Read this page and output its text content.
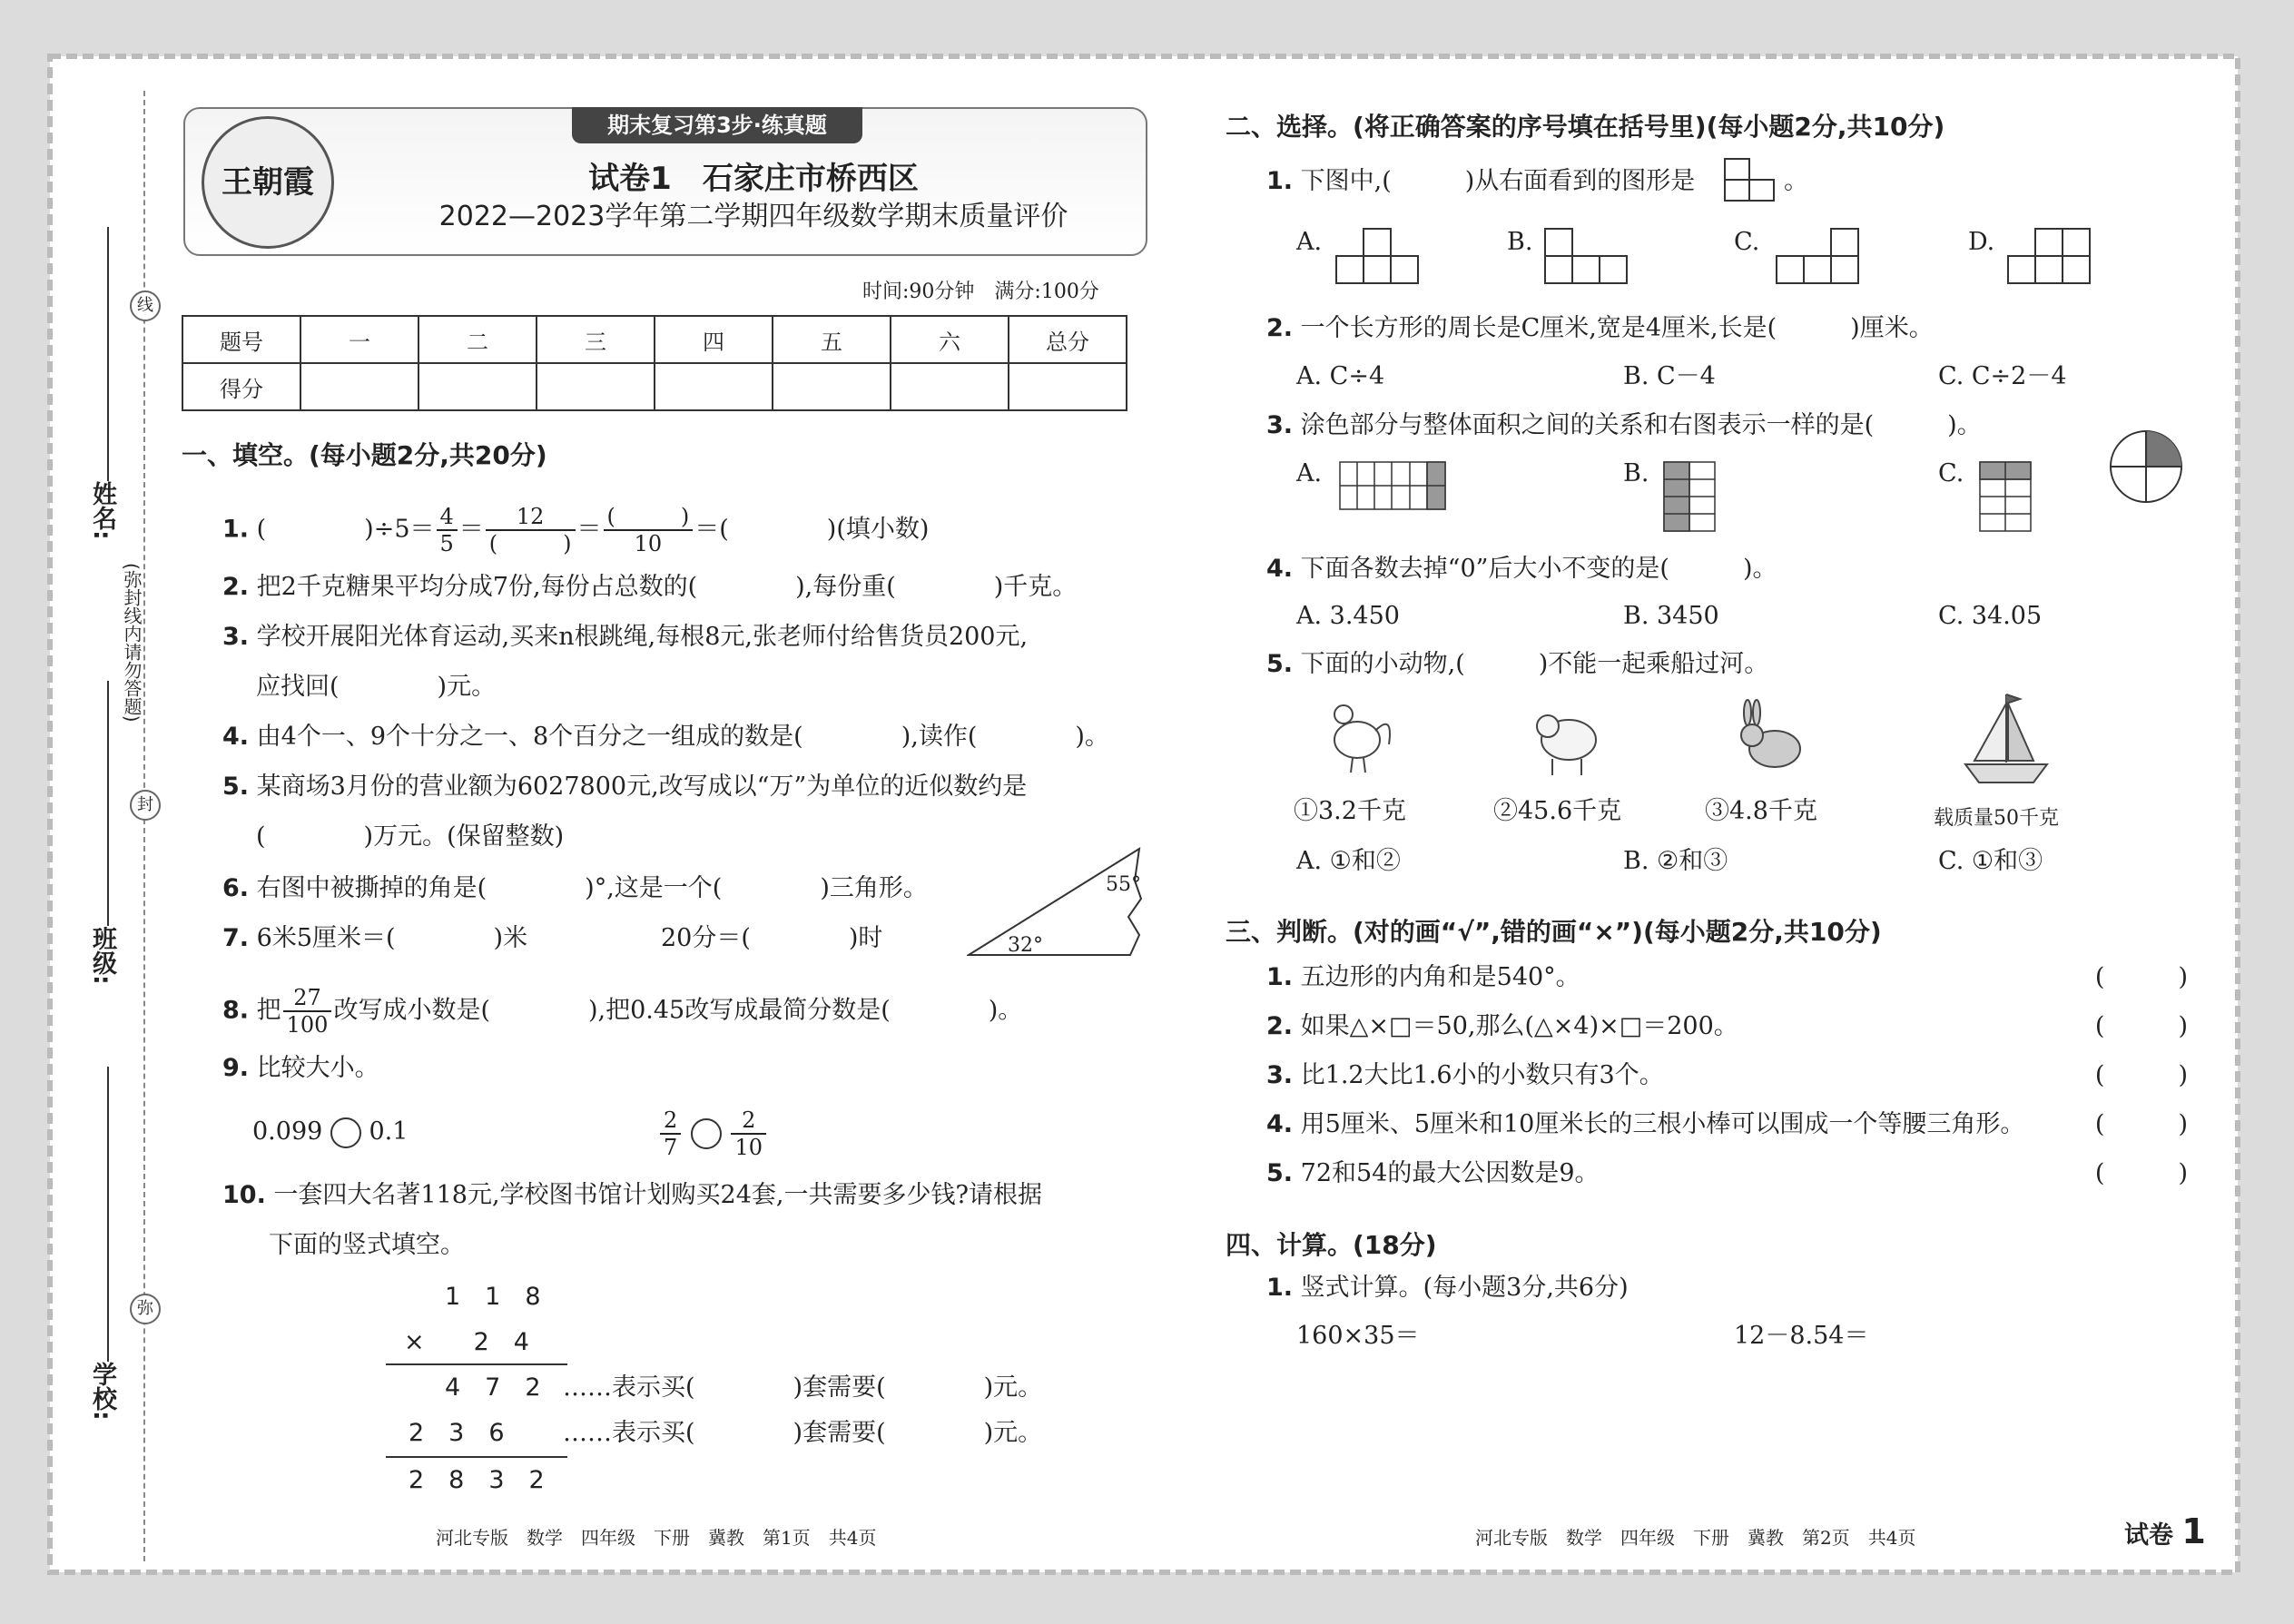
线
封
弥
(弥封线内请勿答题)
姓名:
班级:
学校:
期末复习第3步·练真题
王朝霞	试卷1　石家庄市桥西区
2022—2023学年第二学期四年级数学期末质量评价
时间:90分钟　满分:100分
题号	一	二	三	四	五	六	总分
得分							
一、填空。(每小题2分,共20分)
1. (　　　　)$\div 5= \frac{4}{5} = \frac{12}{( )} = \frac{( )}{10}$ ＝(　　　　)(填小数)
2. 把2千克糖果平均分成7份,每份占总数的(　　　　),每份重(　　　　)千克。
3. 学校开展阳光体育运动,买来n根跳绳,每根8元,张老师付给售货员200元,
应找回(　　　　)元。
4. 由4个一、9个十分之一、8个百分之一组成的数是(　　　　),读作(　　　　)。
5. 某商场3月份的营业额为6027800元,改写成以“万”为单位的近似数约是
(　　　　)万元。(保留整数)
6. 右图中被撕掉的角是(　　　　)°,这是一个(　　　　)三角形。	55°
32°
7. 6米5厘米＝(　　　　)米	20分＝(　　　　)时
8. 把 $\frac{27}{100}$ 改写成小数是(　　　　),把0.45改写成最简分数是(　　　　)。
9. 比较大小。
0.099 0.1	$\frac{2}{7}$
$\frac{2}{10}$
10. 一套四大名著118元,学校图书馆计划购买24套,一共需要多少钱?请根据
下面的竖式填空。
1　1　8
×　　2　4
4　7　2 ……表示买(　　　　)套需要(　　　　)元。
2　3　6 ……表示买(　　　　)套需要(　　　　)元。
2　8　3　2
河北专版　数学　四年级　下册　冀教　第1页　共4页
二、选择。(将正确答案的序号填在括号里)(每小题2分,共10分)
1. 下图中,(　　　)从右面看到的图形是	。
A.	B.	C.	D.
2. 一个长方形的周长是C厘米,宽是4厘米,长是(　　　)厘米。
A. C÷4	B. C－4	C. C÷2－4
3. 涂色部分与整体面积之间的关系和右图表示一样的是(　　　)。
A.	B.	C.
4. 下面各数去掉“0”后大小不变的是(　　　)。
A. 3.450	B. 3450	C. 34.05
5. 下面的小动物,(　　　)不能一起乘船过河。
①3.2千克	②45.6千克	③4.8千克	载质量50千克
A. ①和②	B. ②和③	C. ①和③
三、判断。(对的画“√”,错的画“×”)(每小题2分,共10分)
1. 五边形的内角和是540°。	(　　　)
2. 如果△×□＝50,那么(△×4)×□＝200。	(　　　)
3. 比1.2大比1.6小的小数只有3个。	(　　　)
4. 用5厘米、5厘米和10厘米长的三根小棒可以围成一个等腰三角形。	(　　　)
5. 72和54的最大公因数是9。	(　　　)
四、计算。(18分)
1. 竖式计算。(每小题3分,共6分)
160×35＝	12－8.54＝
河北专版　数学　四年级　下册　冀教　第2页　共4页	试卷 1
